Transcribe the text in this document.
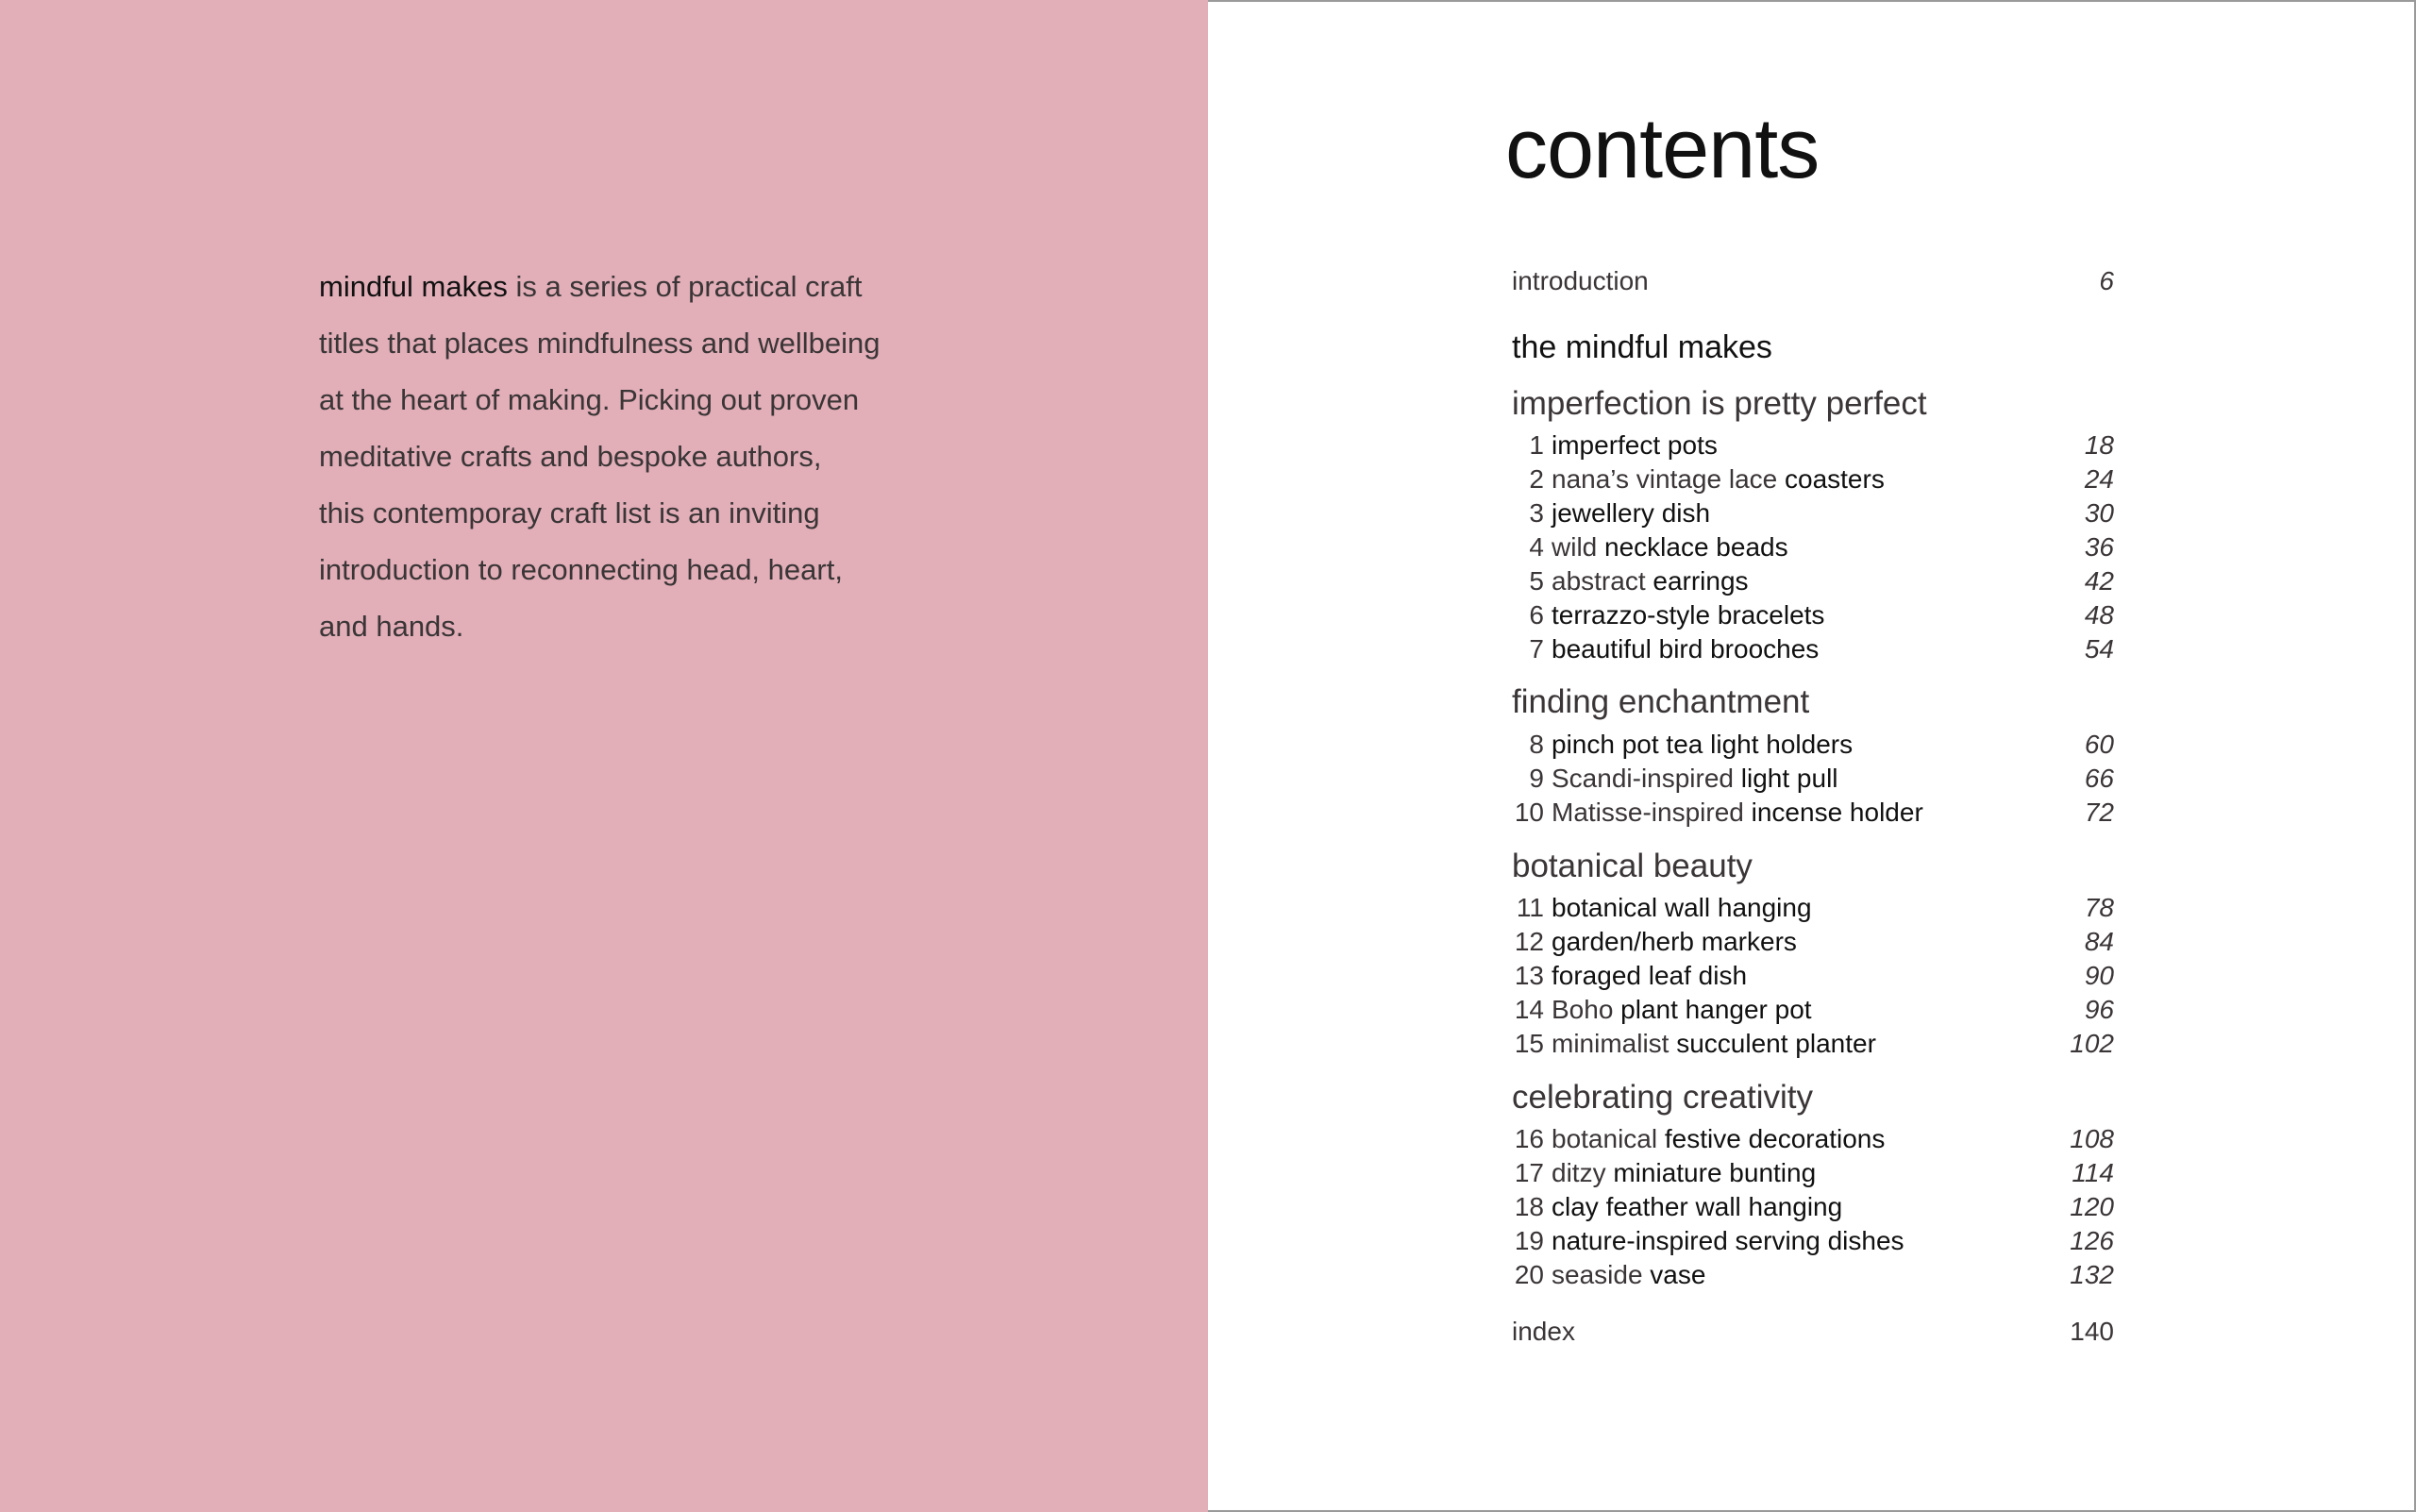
mindful makes is a series of practical craft
titles that places mindfulness and wellbeing
at the heart of making. Picking out proven
meditative crafts and bespoke authors,
this contemporay craft list is an inviting
introduction to reconnecting head, heart,
and hands.

contents
introduction	6
the mindful makes
imperfection is pretty perfect
1 imperfect pots	18
2 nana’s vintage lace coasters	24
3 jewellery dish	30
4 wild necklace beads	36
5 abstract earrings	42
6 terrazzo-style bracelets	48
7 beautiful bird brooches	54
finding enchantment
8 pinch pot tea light holders	60
9 Scandi-inspired light pull	66
10 Matisse-inspired incense holder	72
botanical beauty
11 botanical wall hanging	78
12 garden/herb markers	84
13 foraged leaf dish	90
14 Boho plant hanger pot	96
15 minimalist succulent planter	102
celebrating creativity
16 botanical festive decorations	108
17 ditzy miniature bunting	114
18 clay feather wall hanging	120
19 nature-inspired serving dishes	126
20 seaside vase	132
index	140
